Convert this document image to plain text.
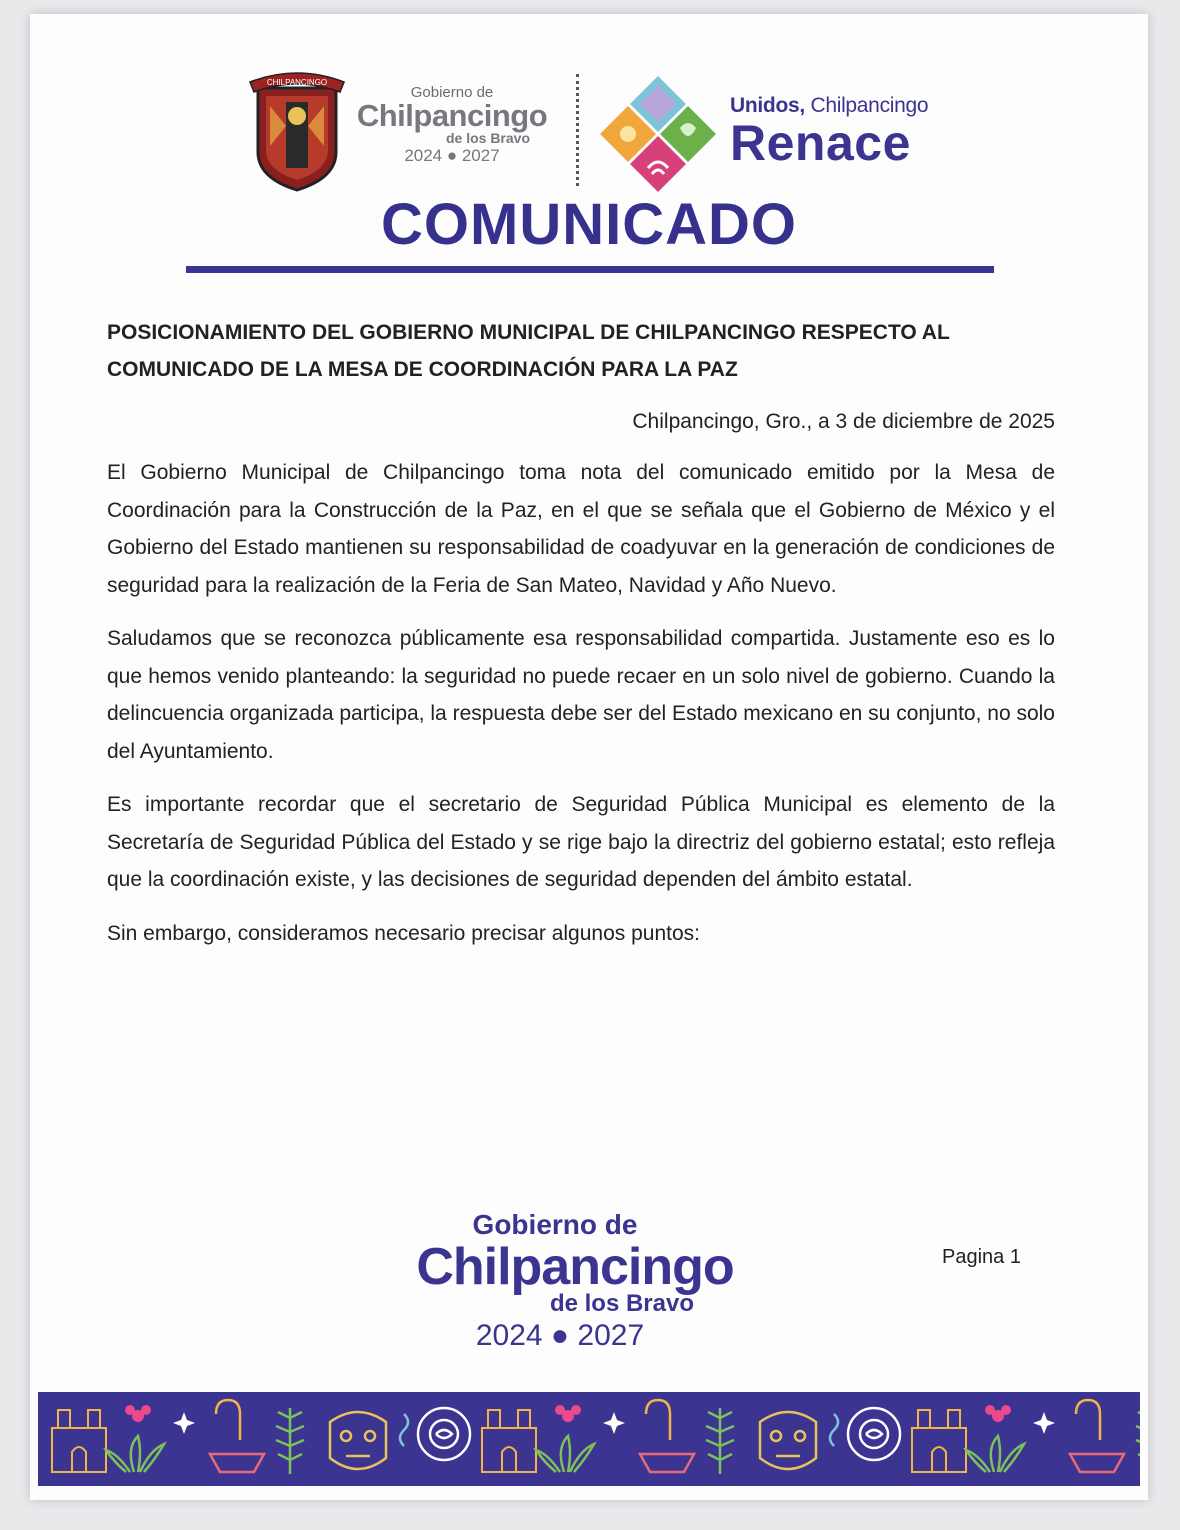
CHILPANCINGO
Gobierno de
Chilpancingo
de los Bravo
2024 ● 2027
Unidos, Chilpancingo
Renace
COMUNICADO

POSICIONAMIENTO DEL GOBIERNO MUNICIPAL DE CHILPANCINGO RESPECTO AL COMUNICADO DE LA MESA DE COORDINACIÓN PARA LA PAZ

Chilpancingo, Gro., a 3 de diciembre de 2025

El Gobierno Municipal de Chilpancingo toma nota del comunicado emitido por la Mesa de Coordinación para la Construcción de la Paz, en el que se señala que el Gobierno de México y el Gobierno del Estado mantienen su responsabilidad de coadyuvar en la generación de condiciones de seguridad para la realización de la Feria de San Mateo, Navidad y Año Nuevo.

Saludamos que se reconozca públicamente esa responsabilidad compartida. Justamente eso es lo que hemos venido planteando: la seguridad no puede recaer en un solo nivel de gobierno. Cuando la delincuencia organizada participa, la respuesta debe ser del Estado mexicano en su conjunto, no solo del Ayuntamiento.

Es importante recordar que el secretario de Seguridad Pública Municipal es elemento de la Secretaría de Seguridad Pública del Estado y se rige bajo la directriz del gobierno estatal; esto refleja que la coordinación existe, y las decisiones de seguridad dependen del ámbito estatal.

Sin embargo, consideramos necesario precisar algunos puntos:

Gobierno de
Chilpancingo
de los Bravo
2024 ● 2027
Pagina 1
